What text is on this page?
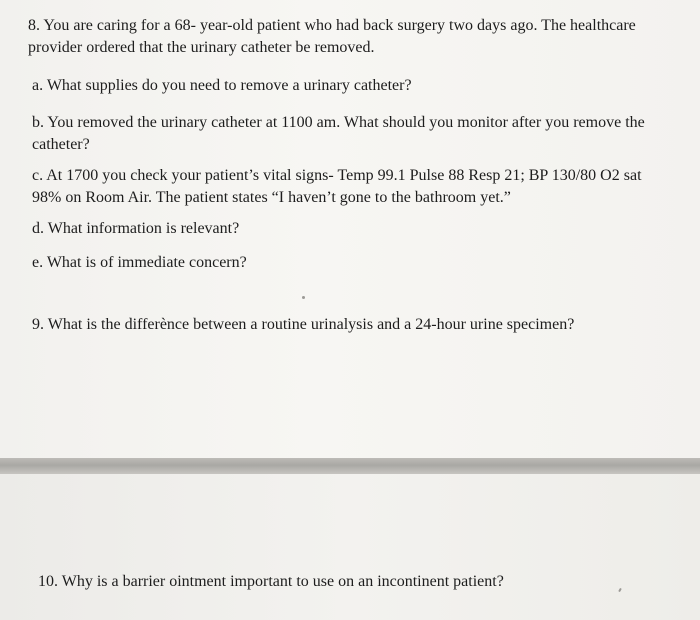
8. You are caring for a 68- year-old patient who had back surgery two days ago. The healthcare
provider ordered that the urinary catheter be removed.
a. What supplies do you need to remove a urinary catheter?
b. You removed the urinary catheter at 1100 am. What should you monitor after you remove the
catheter?
c. At 1700 you check your patient’s vital signs- Temp 99.1 Pulse 88 Resp 21; BP 130/80 O2 sat
98% on Room Air. The patient states “I haven’t gone to the bathroom yet.”
d. What information is relevant?
e. What is of immediate concern?
9. What is the differènce between a routine urinalysis and a 24-hour urine specimen?
10. Why is a barrier ointment important to use on an incontinent patient?
